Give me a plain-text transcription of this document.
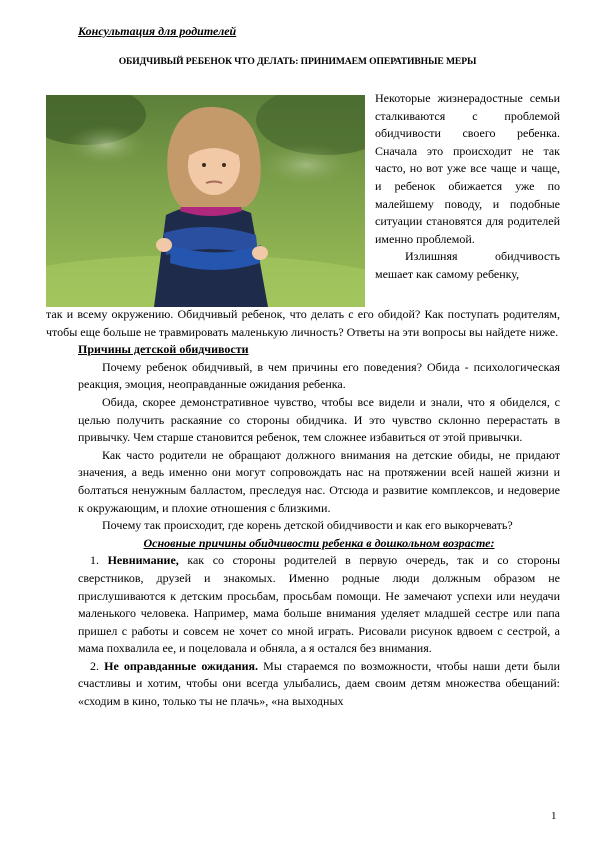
Консультация для родителей
ОБИДЧИВЫЙ РЕБЕНОК ЧТО ДЕЛАТЬ: ПРИНИМАЕМ ОПЕРАТИВНЫЕ МЕРЫ
Некоторые жизнерадостные семьи сталкиваются с проблемой обидчивости своего ребенка. Сначала это происходит не так часто, но вот уже все чаще и чаще, и ребенок обижается уже по малейшему поводу, и подобные ситуации становятся для родителей именно проблемой.
Излишняя обидчивость мешает как самому ребенку,

так и всему окружению. Обидчивый ребенок, что делать с его обидой? Как поступать родителям, чтобы еще больше не травмировать маленькую личность? Ответы на эти вопросы вы найдете ниже.

Причины детской обидчивости

Почему ребенок обидчивый, в чем причины его поведения? Обида - психологическая реакция, эмоция, неоправданные ожидания ребенка.

Обида, скорее демонстративное чувство, чтобы все видели и знали, что я обиделся, с целью получить раскаяние со стороны обидчика. И это чувство склонно перерастать в привычку. Чем старше становится ребенок, тем сложнее избавиться от этой привычки.

Как часто родители не обращают должного внимания на детские обиды, не придают значения, а ведь именно они могут сопровождать нас на протяжении всей нашей жизни и болтаться ненужным балластом, преследуя нас. Отсюда и развитие комплексов, и недоверие к окружающим, и плохие отношения с близкими.

Почему так происходит, где корень детской обидчивости и как его выкорчевать?

Основные причины обидчивости ребенка в дошкольном возрасте:

1. Невнимание, как со стороны родителей в первую очередь, так и со стороны сверстников, друзей и знакомых. Именно родные люди должным образом не прислушиваются к детским просьбам, просьбам помощи. Не замечают успехи или неудачи маленького человека. Например, мама больше внимания уделяет младшей сестре или папа пришел с работы и совсем не хочет со мной играть. Рисовали рисунок вдвоем с сестрой, а мама похвалила ее, и поцеловала и обняла, а я остался без внимания.

2. Не оправданные ожидания. Мы стараемся по возможности, чтобы наши дети были счастливы и хотим, чтобы они всегда улыбались, даем своим детям множества обещаний: «сходим в кино, только ты не плачь», «на выходных

1
